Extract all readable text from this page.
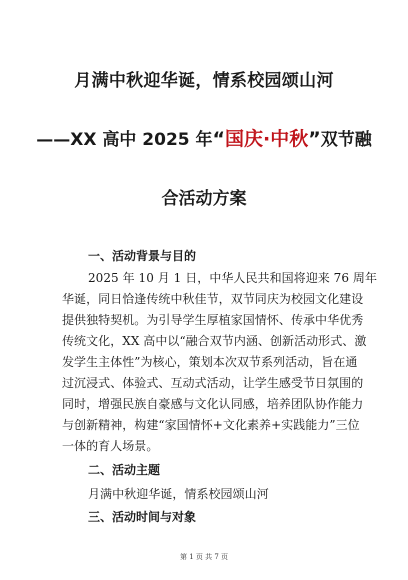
月满中秋迎华诞，情系校园颂山河
——XX 高中 2025 年“国庆·中秋”双节融
合活动方案
一、活动背景与目的
2025 年 10 月 1 日，中华人民共和国将迎来 76 周年
华诞，同日恰逢传统中秋佳节，双节同庆为校园文化建设
提供独特契机。为引导学生厚植家国情怀、传承中华优秀
传统文化，XX 高中以“融合双节内涵、创新活动形式、激
发学生主体性”为核心，策划本次双节系列活动，旨在通
过沉浸式、体验式、互动式活动，让学生感受节日氛围的
同时，增强民族自豪感与文化认同感，培养团队协作能力
与创新精神，构建“家国情怀+文化素养+实践能力”三位
一体的育人场景。
二、活动主题
月满中秋迎华诞，情系校园颂山河
三、活动时间与对象
第 1 页 共 7 页
